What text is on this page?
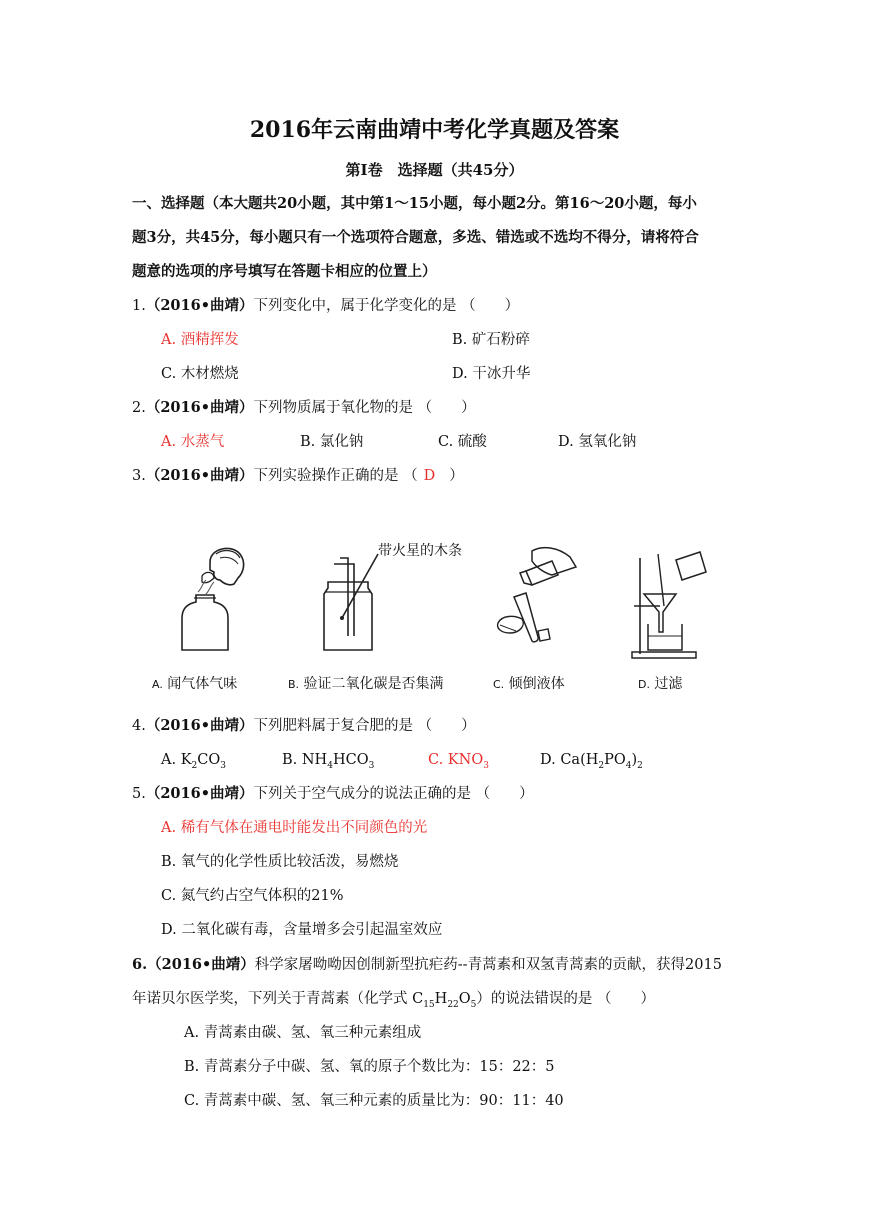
2016年云南曲靖中考化学真题及答案
第Ⅰ卷　选择题（共45分）
一、选择题（本大题共20小题，其中第1～15小题，每小题2分。第16～20小题，每小
题3分，共45分，每小题只有一个选项符合题意，多选、错选或不选均不得分，请将符合
题意的选项的序号填写在答题卡相应的位置上）
1.（2016•曲靖）下列变化中，属于化学变化的是 （　　）
A. 酒精挥发	B. 矿石粉碎
C. 木材燃烧	D. 干冰升华
2.（2016•曲靖）下列物质属于氧化物的是 （　　）
A. 水蒸气	B. 氯化钠	C. 硫酸	D. 氢氧化钠
3.（2016•曲靖）下列实验操作正确的是 （ D ）
带火星的木条
A. 闻气体气味	B. 验证二氧化碳是否集满	C. 倾倒液体	D. 过滤
4.（2016•曲靖）下列肥料属于复合肥的是 （　　）
A. $K_2CO_3$	B. $NH_4HCO_3$	C. $KNO_3$	D. $Ca(H_2PO_4)_2$
5.（2016•曲靖）下列关于空气成分的说法正确的是 （　　）
A. 稀有气体在通电时能发出不同颜色的光
B. 氧气的化学性质比较活泼，易燃烧
C. 氮气约占空气体积的21%
D. 二氧化碳有毒，含量增多会引起温室效应
6.（2016•曲靖）科学家屠呦呦因创制新型抗疟药--青蒿素和双氢青蒿素的贡献，获得2015
年诺贝尔医学奖，下列关于青蒿素（化学式 $C_{15}H_{22}O_5$）的说法错误的是 （　　）
A. 青蒿素由碳、氢、氧三种元素组成
B. 青蒿素分子中碳、氢、氧的原子个数比为：15：22：5
C. 青蒿素中碳、氢、氧三种元素的质量比为：90：11：40
